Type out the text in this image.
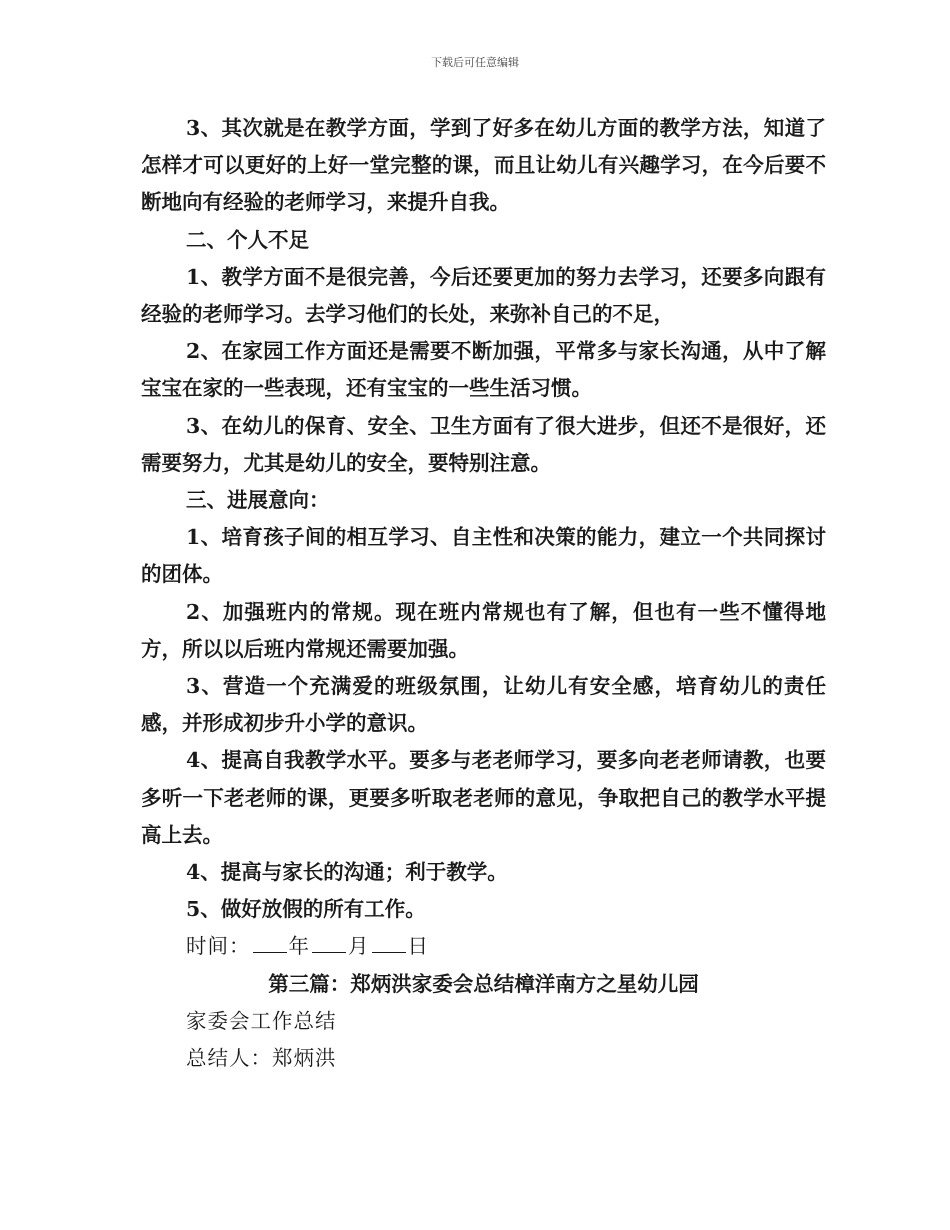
下载后可任意编辑

3、其次就是在教学方面，学到了好多在幼儿方面的教学方法，知道了怎样才可以更好的上好一堂完整的课，而且让幼儿有兴趣学习，在今后要不断地向有经验的老师学习，来提升自我。

二、个人不足

1、教学方面不是很完善，今后还要更加的努力去学习，还要多向跟有经验的老师学习。去学习他们的长处，来弥补自己的不足，

2、在家园工作方面还是需要不断加强，平常多与家长沟通，从中了解宝宝在家的一些表现，还有宝宝的一些生活习惯。

3、在幼儿的保育、安全、卫生方面有了很大进步，但还不是很好，还需要努力，尤其是幼儿的安全，要特别注意。

三、进展意向：

1、培育孩子间的相互学习、自主性和决策的能力，建立一个共同探讨的团体。

2、加强班内的常规。现在班内常规也有了解，但也有一些不懂得地方，所以以后班内常规还需要加强。

3、营造一个充满爱的班级氛围，让幼儿有安全感，培育幼儿的责任感，并形成初步升小学的意识。

4、提高自我教学水平。要多与老老师学习，要多向老老师请教，也要多听一下老老师的课，更要多听取老老师的意见，争取把自己的教学水平提高上去。

4、提高与家长的沟通；利于教学。

5、做好放假的所有工作。

时间： 年 月 日

第三篇：郑炳洪家委会总结樟洋南方之星幼儿园

家委会工作总结

总结人：郑炳洪
